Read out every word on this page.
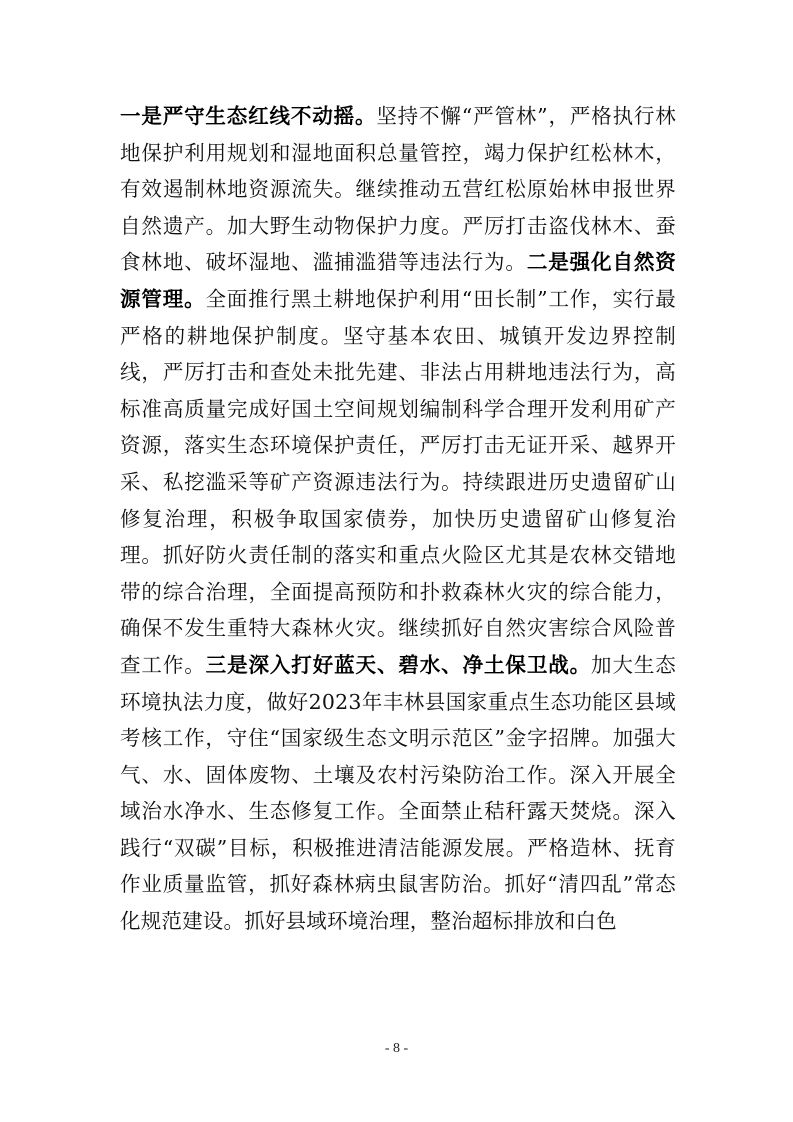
一是严守生态红线不动摇。坚持不懈“严管林”，严格执行林地保护利用规划和湿地面积总量管控，竭力保护红松林木，有效遏制林地资源流失。继续推动五营红松原始林申报世界自然遗产。加大野生动物保护力度。严厉打击盗伐林木、蚕食林地、破坏湿地、滥捕滥猎等违法行为。二是强化自然资源管理。全面推行黑土耕地保护利用“田长制”工作，实行最严格的耕地保护制度。坚守基本农田、城镇开发边界控制线，严厉打击和查处未批先建、非法占用耕地违法行为，高标准高质量完成好国土空间规划编制科学合理开发利用矿产资源，落实生态环境保护责任，严厉打击无证开采、越界开采、私挖滥采等矿产资源违法行为。持续跟进历史遗留矿山修复治理，积极争取国家债券，加快历史遗留矿山修复治理。抓好防火责任制的落实和重点火险区尤其是农林交错地带的综合治理，全面提高预防和扑救森林火灾的综合能力，确保不发生重特大森林火灾。继续抓好自然灾害综合风险普查工作。三是深入打好蓝天、碧水、净土保卫战。加大生态环境执法力度，做好2023年丰林县国家重点生态功能区县域考核工作，守住“国家级生态文明示范区”金字招牌。加强大气、水、固体废物、土壤及农村污染防治工作。深入开展全域治水净水、生态修复工作。全面禁止秸秆露天焚烧。深入践行“双碳”目标，积极推进清洁能源发展。严格造林、抚育作业质量监管，抓好森林病虫鼠害防治。抓好“清四乱”常态化规范建设。抓好县域环境治理，整治超标排放和白色

- 8 -
